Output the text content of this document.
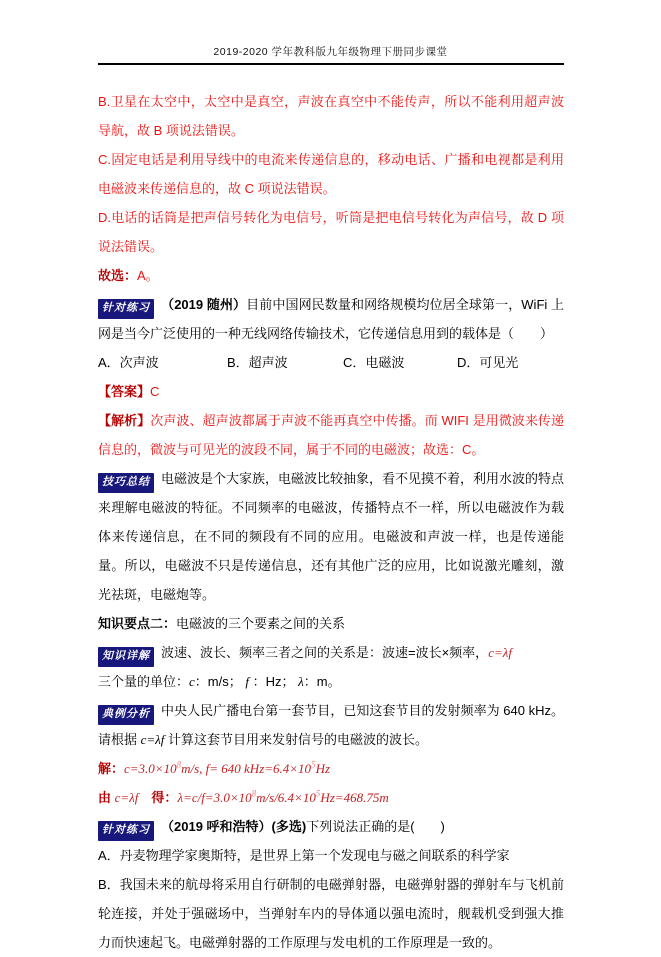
2019-2020 学年教科版九年级物理下册同步课堂

B.卫星在太空中，太空中是真空，声波在真空中不能传声，所以不能利用超声波导航，故 B 项说法错误。

C.固定电话是利用导线中的电流来传递信息的，移动电话、广播和电视都是利用电磁波来传递信息的，故 C 项说法错误。

D.电话的话筒是把声信号转化为电信号，听筒是把电信号转化为声信号，故 D 项说法错误。

故选：A。

针对练习 （2019 随州）目前中国网民数量和网络规模均位居全球第一，WiFi 上网是当今广泛使用的一种无线网络传输技术，它传递信息用到的载体是（　　）

A．次声波	B．超声波	C．电磁波	D．可见光

【答案】C

【解析】次声波、超声波都属于声波不能再真空中传播。而 WIFI 是用微波来传递信息的，微波与可见光的波段不同，属于不同的电磁波；故选：C。

技巧总结 电磁波是个大家族，电磁波比较抽象，看不见摸不着，利用水波的特点来理解电磁波的特征。不同频率的电磁波，传播特点不一样，所以电磁波作为载体来传递信息，在不同的频段有不同的应用。电磁波和声波一样，也是传递能量。所以，电磁波不只是传递信息，还有其他广泛的应用，比如说激光雕刻，激光祛斑，电磁炮等。

知识要点二：电磁波的三个要素之间的关系

知识详解 波速、波长、频率三者之间的关系是：波速=波长×频率，c=λf

三个量的单位：c：m/s； f ：Hz； λ：m。

典例分析 中央人民广播电台第一套节目，已知这套节目的发射频率为 640 kHz。请根据 c=λf 计算这套节目用来发射信号的电磁波的波长。

解：$c=3.0\times 10^8m/s$, f= 640 $kHz=6.4\times 10^5Hz$

由 c=λf　得：$\lambda=c/f=3.0\times 10^8m/s/6.4\times 10^5Hz=468.75m$

针对练习 （2019 呼和浩特）(多选)下列说法正确的是(　　)

A．丹麦物理学家奥斯特，是世界上第一个发现电与磁之间联系的科学家

B．我国未来的航母将采用自行研制的电磁弹射器，电磁弹射器的弹射车与飞机前轮连接，并处于强磁场中，当弹射车内的导体通以强电流时，舰载机受到强大推力而快速起飞。电磁弹射器的工作原理与发电机的工作原理是一致的。
